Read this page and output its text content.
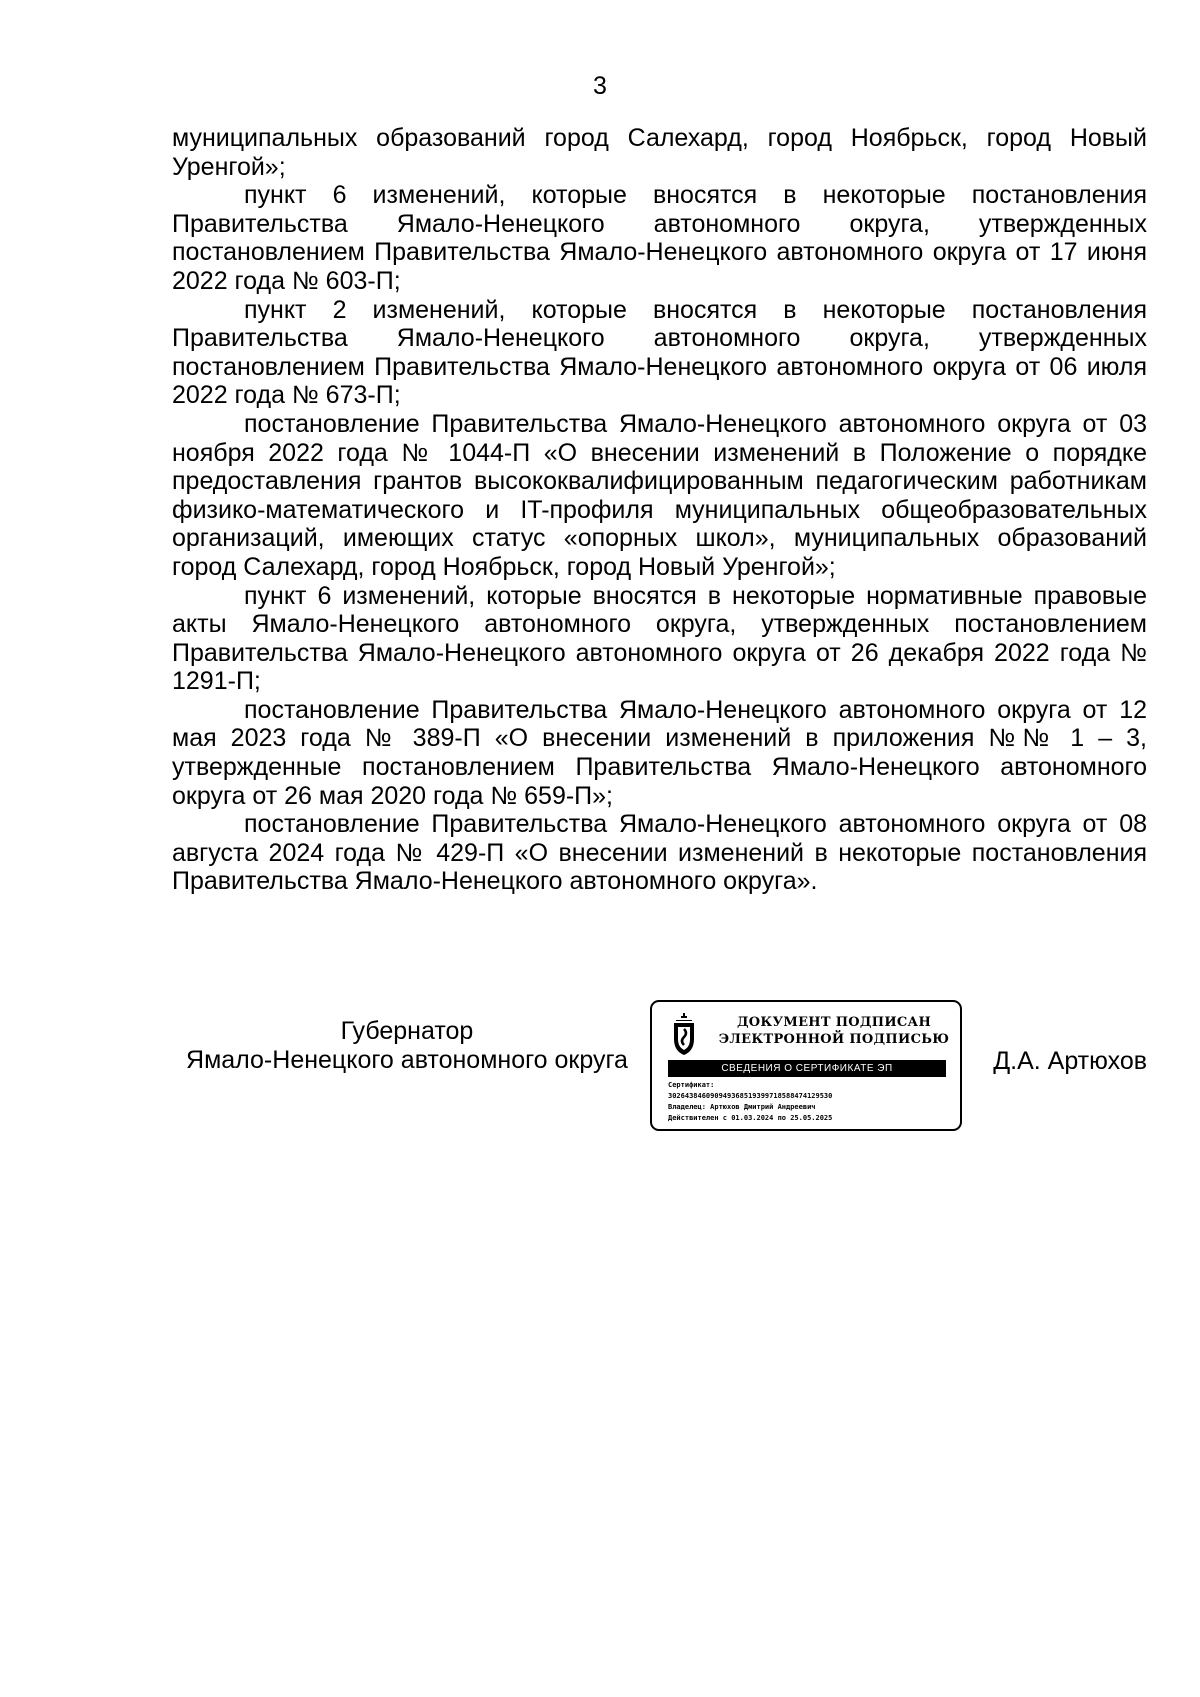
3

муниципальных образований город Салехард, город Ноябрьск, город Новый Уренгой»;

пункт 6 изменений, которые вносятся в некоторые постановления Правительства Ямало-Ненецкого автономного округа, утвержденных постановлением Правительства Ямало-Ненецкого автономного округа от 17 июня 2022 года № 603-П;

пункт 2 изменений, которые вносятся в некоторые постановления Правительства Ямало-Ненецкого автономного округа, утвержденных постановлением Правительства Ямало-Ненецкого автономного округа от 06 июля 2022 года № 673-П;

постановление Правительства Ямало-Ненецкого автономного округа от 03 ноября 2022 года № 1044-П «О внесении изменений в Положение о порядке предоставления грантов высококвалифицированным педагогическим работникам физико-математического и IT-профиля муниципальных общеобразовательных организаций, имеющих статус «опорных школ», муниципальных образований город Салехард, город Ноябрьск, город Новый Уренгой»;

пункт 6 изменений, которые вносятся в некоторые нормативные правовые акты Ямало-Ненецкого автономного округа, утвержденных постановлением Правительства Ямало-Ненецкого автономного округа от 26 декабря 2022 года № 1291-П;

постановление Правительства Ямало-Ненецкого автономного округа от 12 мая 2023 года № 389-П «О внесении изменений в приложения №№ 1 – 3, утвержденные постановлением Правительства Ямало-Ненецкого автономного округа от 26 мая 2020 года № 659-П»;

постановление Правительства Ямало-Ненецкого автономного округа от 08 августа 2024 года № 429-П «О внесении изменений в некоторые постановления Правительства Ямало-Ненецкого автономного округа».

Губернатор
Ямало-Ненецкого автономного округа
ДОКУМЕНТ ПОДПИСАН
ЭЛЕКТРОННОЙ ПОДПИСЬЮ
СВЕДЕНИЯ О СЕРТИФИКАТЕ ЭП
Сертификат:
302643846090949368519399718588474129530
Владелец: Артюхов Дмитрий Андреевич
Действителен с 01.03.2024 по 25.05.2025
Д.А. Артюхов
